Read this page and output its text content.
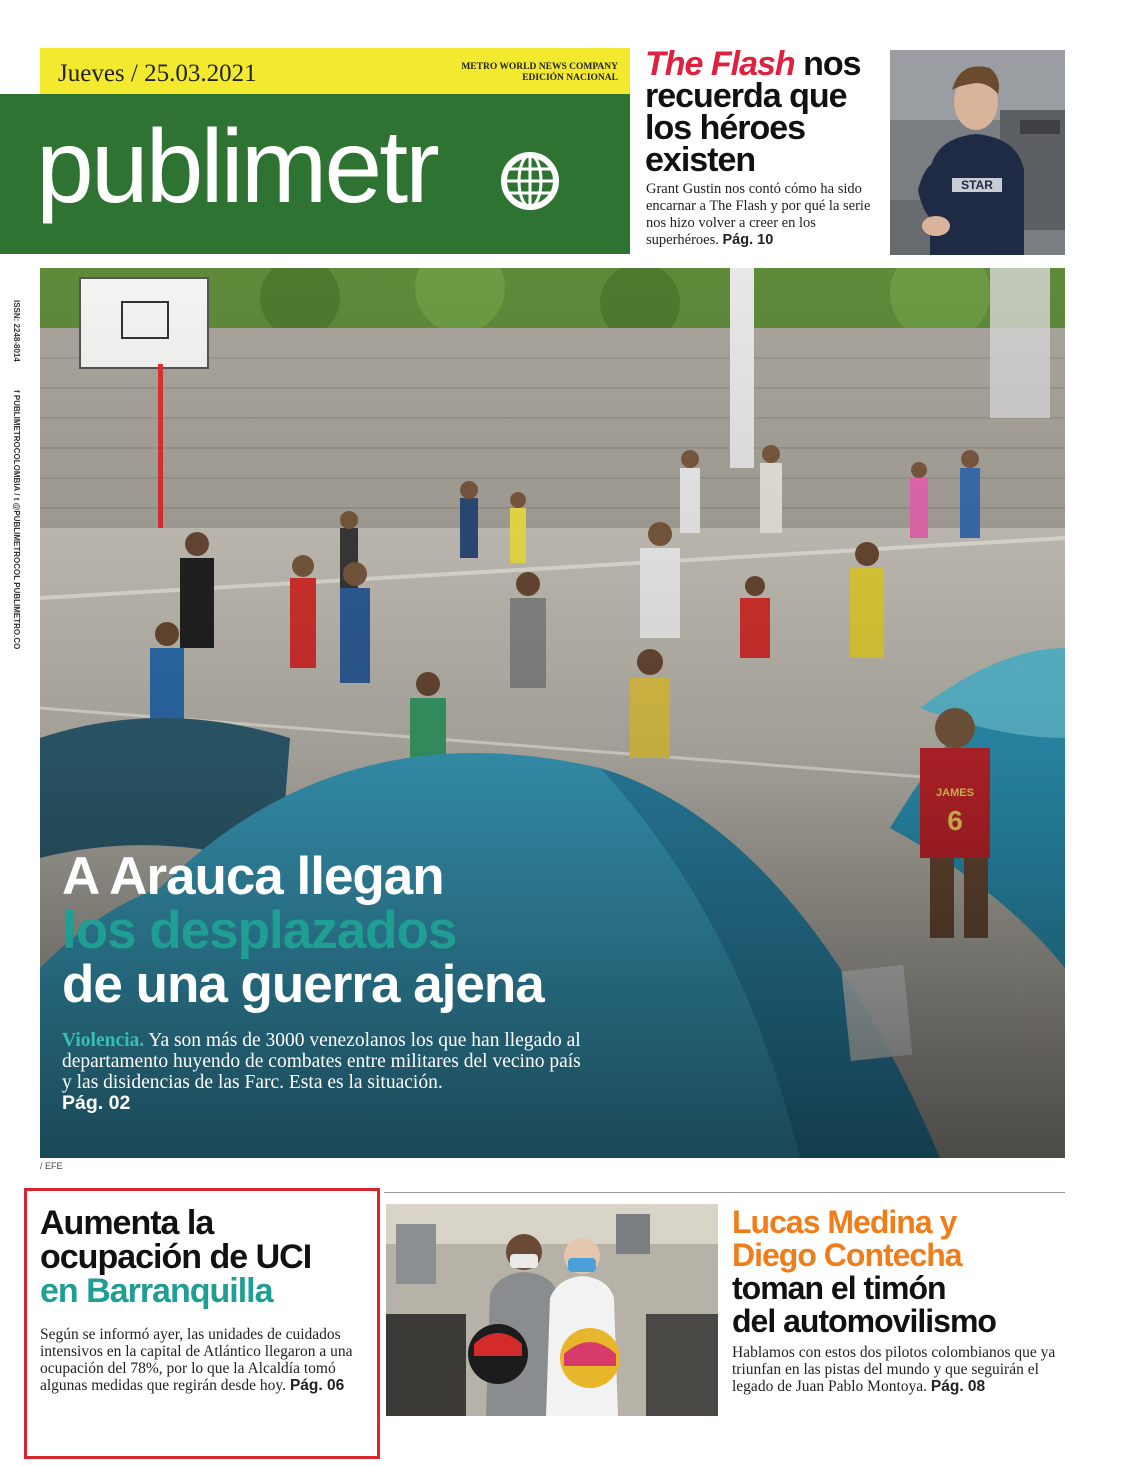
Jueves / 25.03.2021	METRO WORLD NEWS COMPANY
EDICIÓN NACIONAL
publimetr
The Flash nos recuerda que los héroes existen
Grant Gustin nos contó cómo ha sido encarnar a The Flash y por qué la serie nos hizo volver a creer en los superhéroes. Pág. 10
STAR
ISSN: 2248-8014
f PUBLIMETROCOLOMBIA / t @PUBLIMETROCOL PUBLIMETRO.CO
A Arauca llegan
los desplazados
de una guerra ajena
Violencia. Ya son más de 3000 venezolanos los que han llegado al departamento huyendo de combates entre militares del vecino país y las disidencias de las Farc. Esta es la situación.
Pág. 02
/ EFE
Aumenta la
ocupación de UCI
en Barranquilla
Según se informó ayer, las unidades de cuidados intensivos en la capital de Atlántico llegaron a una ocupación del 78%, por lo que la Alcaldía tomó algunas medidas que regirán desde hoy. Pág. 06
Lucas Medina y
Diego Contecha
toman el timón
del automovilismo
Hablamos con estos dos pilotos colombianos que ya triunfan en las pistas del mundo y que seguirán el legado de Juan Pablo Montoya. Pág. 08
